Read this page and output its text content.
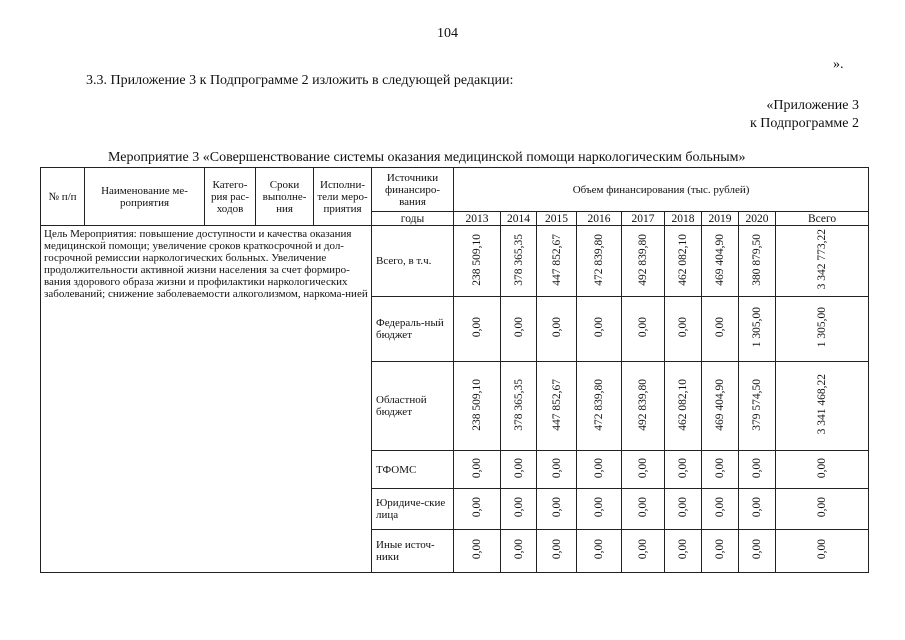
104
».
3.3. Приложение 3 к Подпрограмме 2 изложить в следующей редакции:
«Приложение 3
к Подпрограмме 2
Мероприятие 3 «Совершенствование системы оказания медицинской помощи наркологическим больным»
№ п/п	Наименование ме-роприятия	Катего-рия рас-ходов	Сроки выполне-ния	Исполни-тели меро-приятия	Источники финансиро-вания	Объем финансирования (тыс. рублей)								
					годы	2013	2014	2015	2016	2017	2018	2019	2020	Всего
Цель Мероприятия: повышение доступности и качества оказания медицинской помощи; увеличение сроков краткосрочной и дол-госрочной ремиссии наркологических больных. Увеличение продолжительности активной жизни населения за счет формиро-вания здорового образа жизни и профилактики наркологических заболеваний; снижение заболеваемости алкоголизмом, наркома-нией					Всего, в т.ч.	238 509,10	378 365,35	447 852,67	472 839,80	492 839,80	462 082,10	469 404,90	380 879,50	3 342 773,22
					Федераль-ный бюджет	0,00	0,00	0,00	0,00	0,00	0,00	0,00	1 305,00	1 305,00
					Областной бюджет	238 509,10	378 365,35	447 852,67	472 839,80	492 839,80	462 082,10	469 404,90	379 574,50	3 341 468,22
					ТФОМС	0,00	0,00	0,00	0,00	0,00	0,00	0,00	0,00	0,00
					Юридиче-ские лица	0,00	0,00	0,00	0,00	0,00	0,00	0,00	0,00	0,00
					Иные источ-ники	0,00	0,00	0,00	0,00	0,00	0,00	0,00	0,00	0,00
